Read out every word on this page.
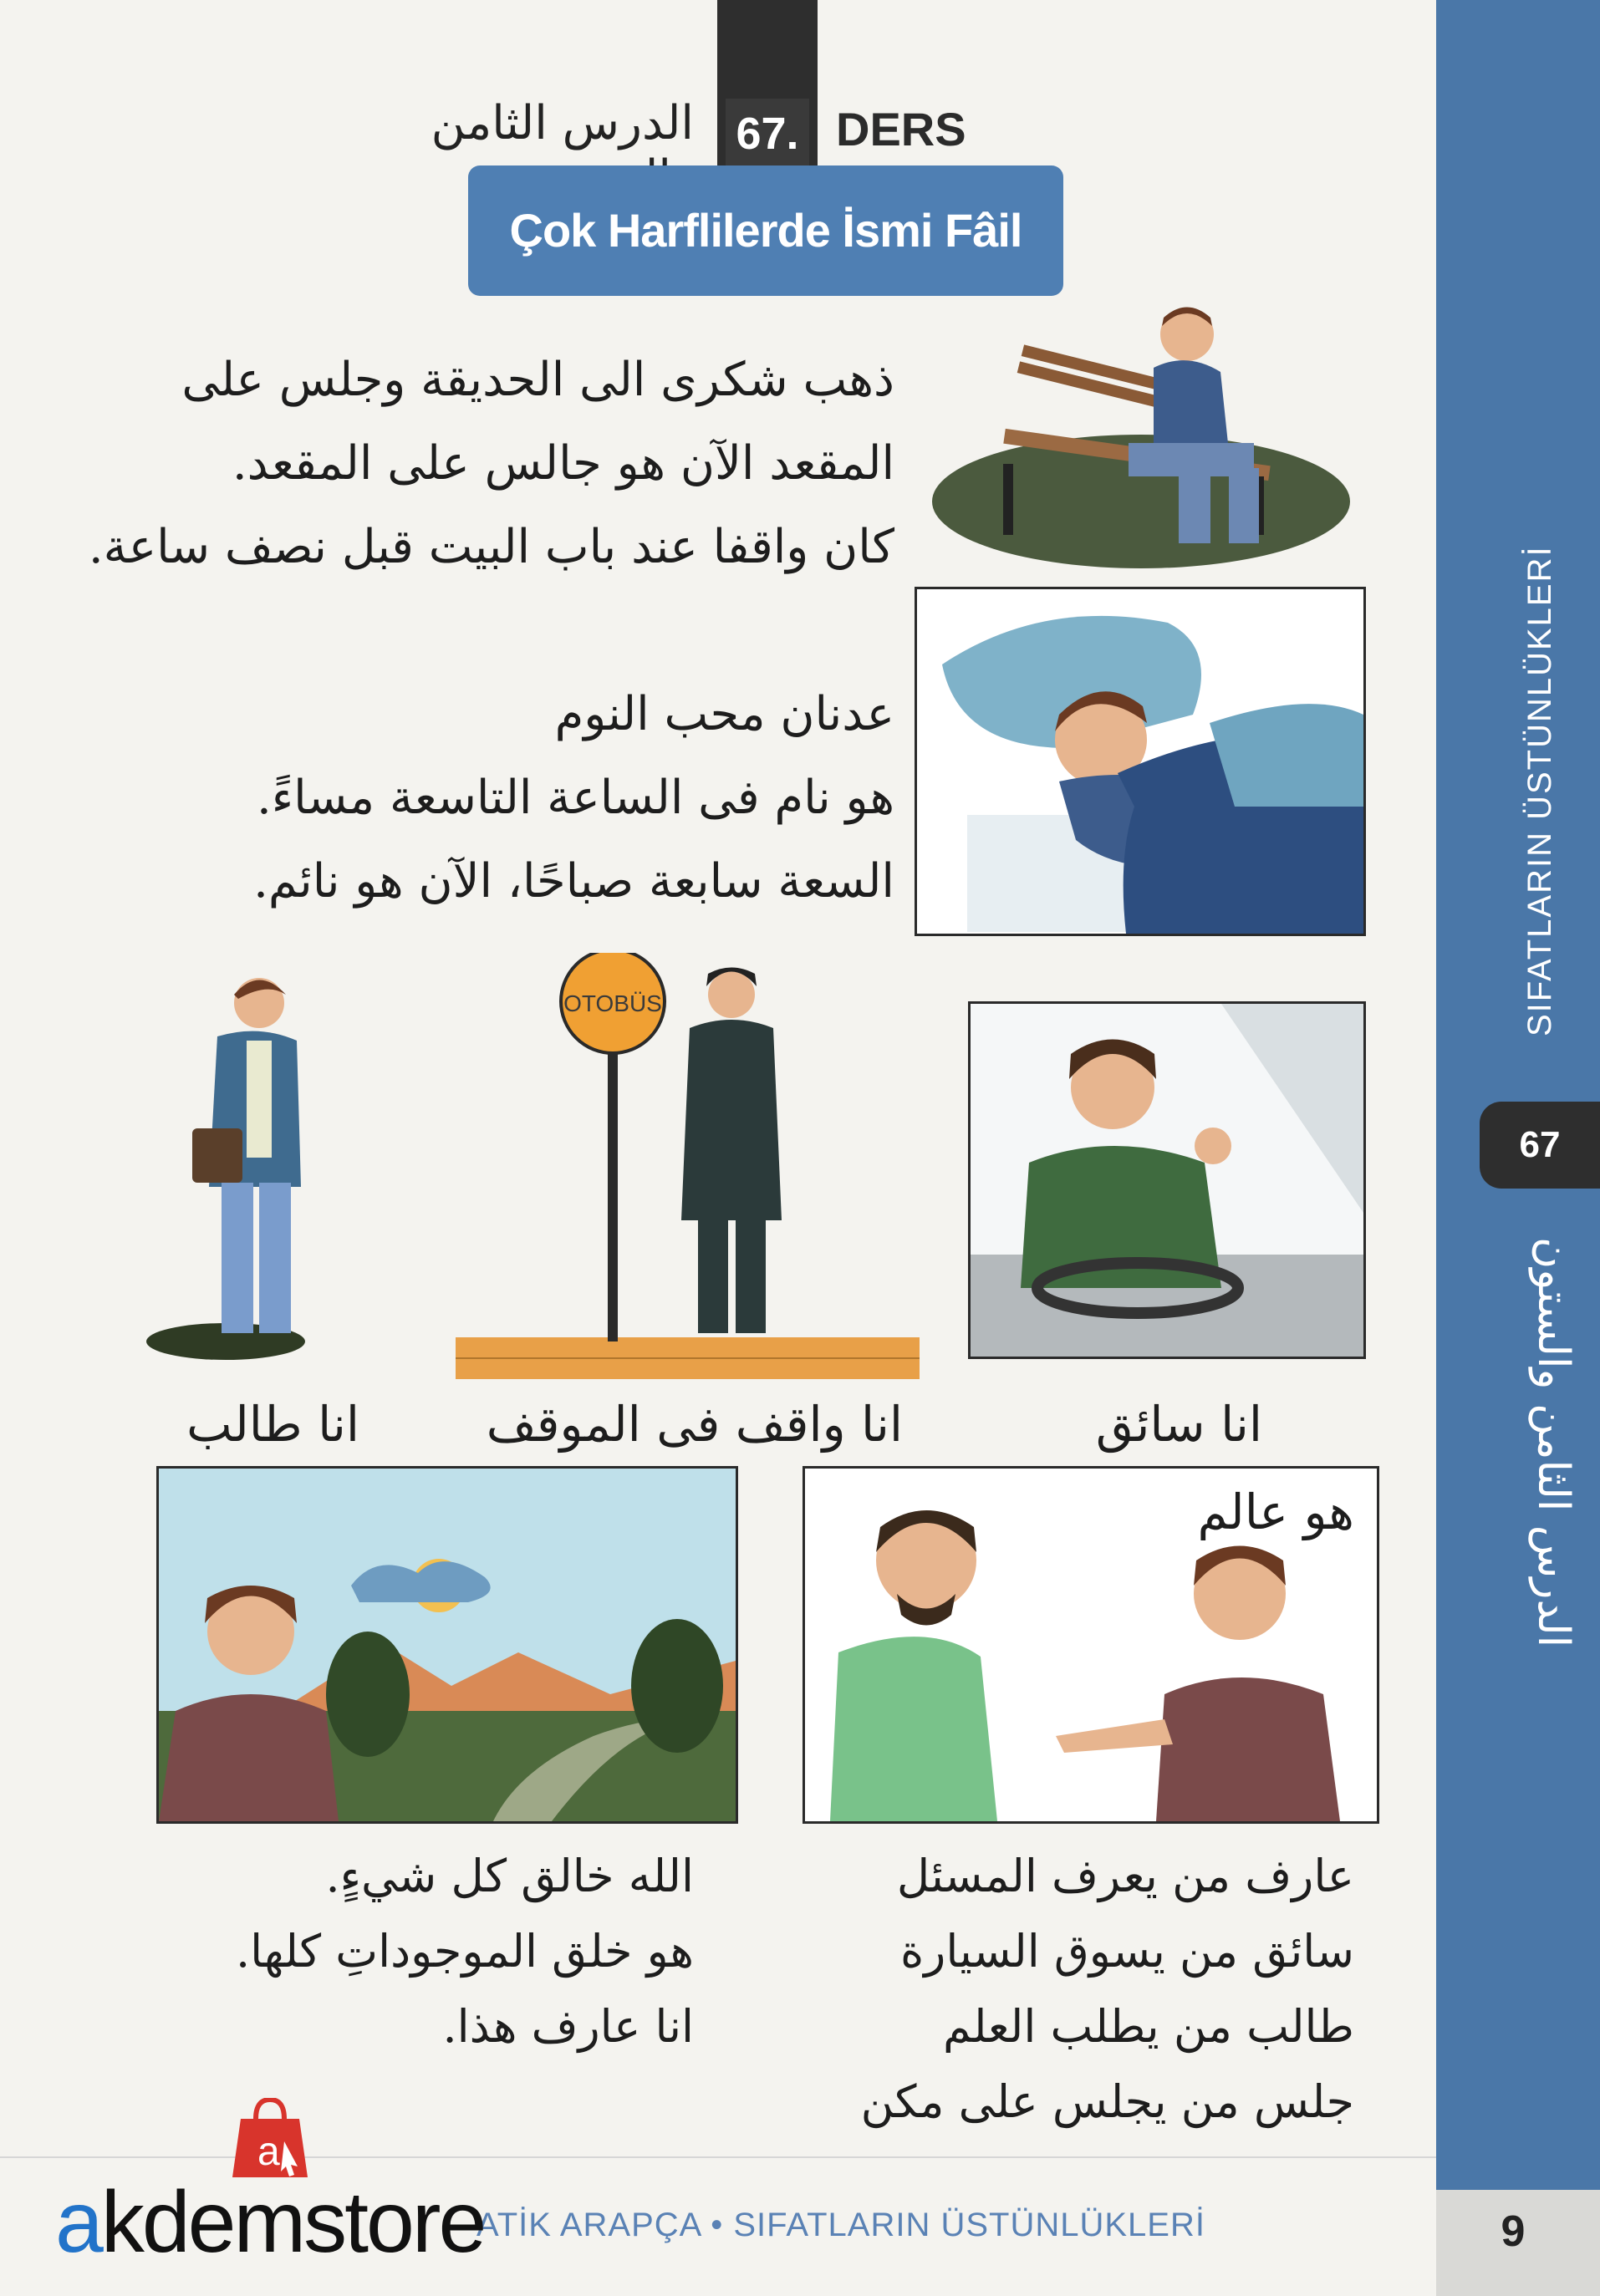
67. DERS
الدرس الثامن
Çok Harflilerde İsmi Fâil
ذهب شكرى الى الحديقة وجلس على
المقعد الآن هو جالس على المقعد.
كان واقفا عند باب البيت قبل نصف ساعة.
عدنان محب النوم
هو نام فى الساعة التاسعة مساءً.
السعة سابعة صباحًا، الآن هو نائم.
OTOBÜS
انا طالب	انا واقف فى الموقف	انا سائق
هو عالم
الله خالق كل شيءٍ.
هو خلق الموجوداتِ كلها.
انا عارف هذا.
عارف من يعرف المسئل
سائق من يسوق السيارة
طالب من يطلب العلم
جلس من يجلس على مكن
SIFATLARIN ÜSTÜNLÜKLERİ
67
الدرس الثامن والستون
ATİK ARAPÇA • SIFATLARIN ÜSTÜNLÜKLERİ	9
a
akdemstore
